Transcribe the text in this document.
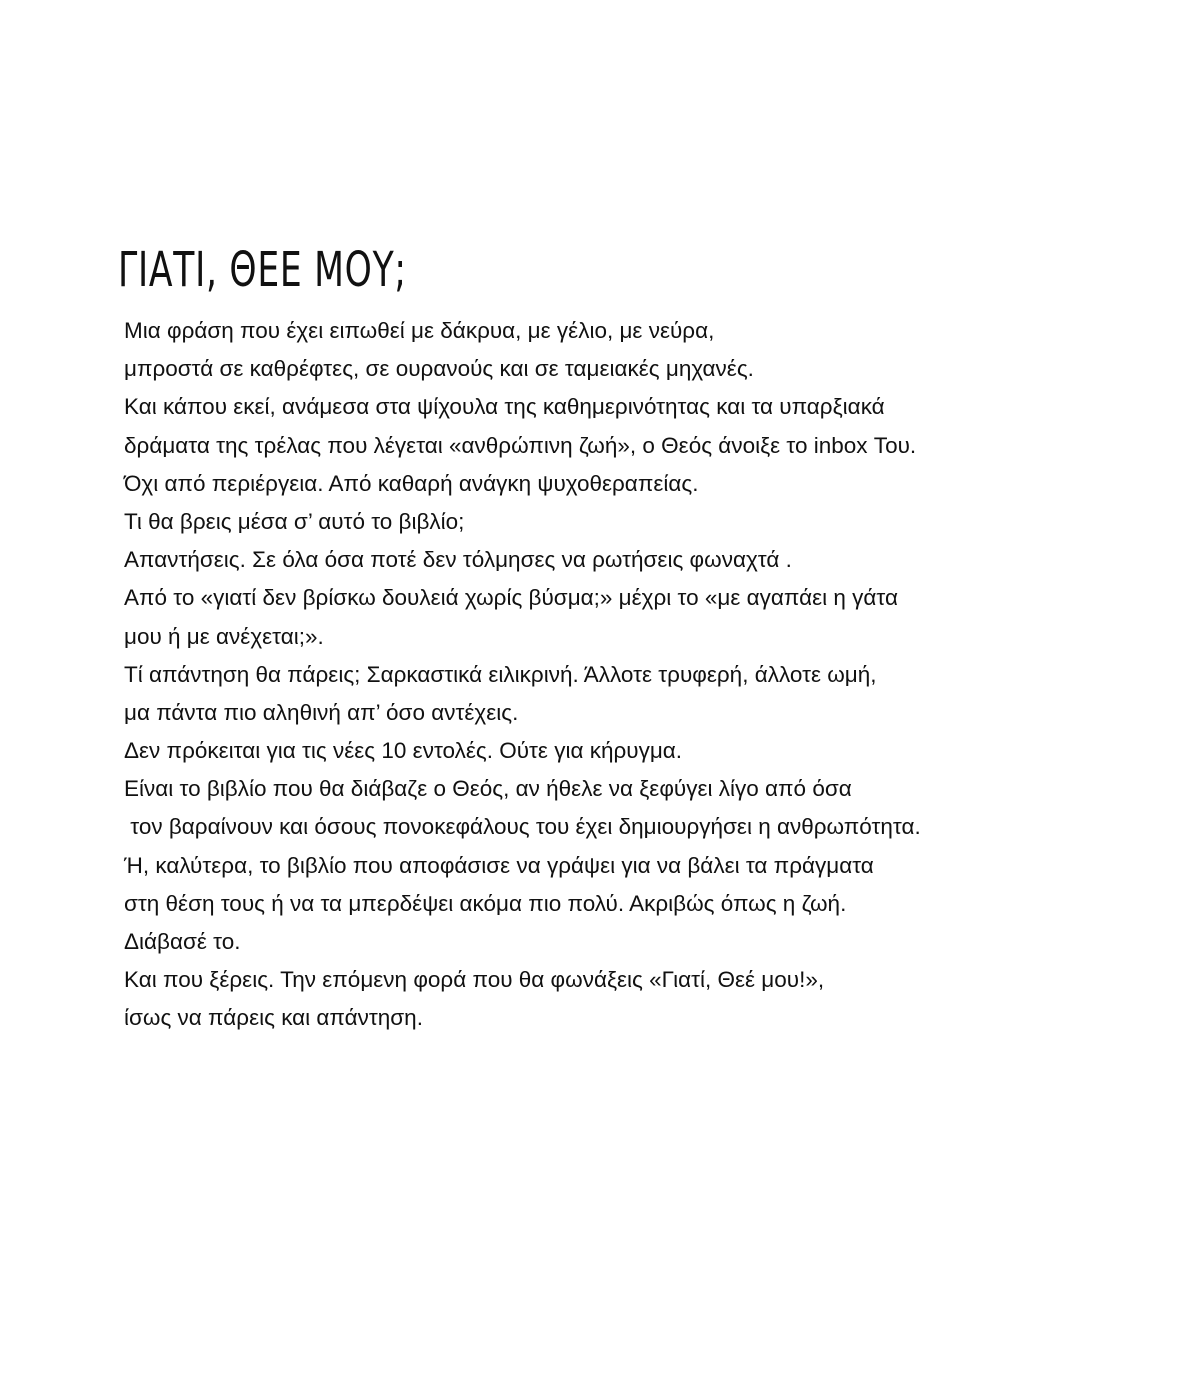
ΓΙΑΤΙ, ΘΕΕ ΜΟΥ;
Μια φράση που έχει ειπωθεί με δάκρυα, με γέλιο, με νεύρα,
μπροστά σε καθρέφτες, σε ουρανούς και σε ταμειακές μηχανές.
Και κάπου εκεί, ανάμεσα στα ψίχουλα της καθημερινότητας και τα υπαρξιακά
δράματα της τρέλας που λέγεται «ανθρώπινη ζωή», ο Θεός άνοιξε το inbox Του.
Όχι από περιέργεια. Από καθαρή ανάγκη ψυχοθεραπείας.
Τι θα βρεις μέσα σ’ αυτό το βιβλίο;
Απαντήσεις. Σε όλα όσα ποτέ δεν τόλμησες να ρωτήσεις φωναχτά .
Από το «γιατί δεν βρίσκω δουλειά χωρίς βύσμα;» μέχρι το «με αγαπάει η γάτα
μου ή με ανέχεται;».
Τί απάντηση θα πάρεις; Σαρκαστικά ειλικρινή. Άλλοτε τρυφερή, άλλοτε ωμή,
μα πάντα πιο αληθινή απ’ όσο αντέχεις.
Δεν πρόκειται για τις νέες 10 εντολές. Ούτε για κήρυγμα.
Είναι το βιβλίο που θα διάβαζε ο Θεός, αν ήθελε να ξεφύγει λίγο από όσα
τον βαραίνουν και όσους πονοκεφάλους του έχει δημιουργήσει η ανθρωπότητα.
Ή, καλύτερα, το βιβλίο που αποφάσισε να γράψει για να βάλει τα πράγματα
στη θέση τους ή να τα μπερδέψει ακόμα πιο πολύ. Ακριβώς όπως η ζωή.
Διάβασέ το.
Και που ξέρεις. Την επόμενη φορά που θα φωνάξεις «Γιατί, Θεέ μου!»,
ίσως να πάρεις και απάντηση.
